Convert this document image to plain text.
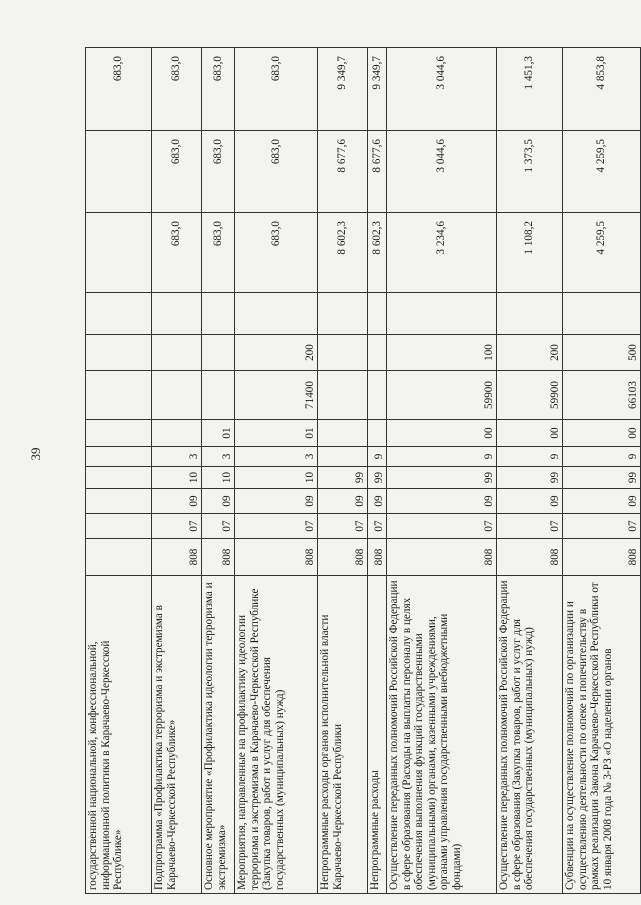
39
государственной национальной, конфессиональной, информационной политики в Карачаево-Черкесской Республике»												683,0
Подпрограмма «Профилактика терроризма и экстремизма в Карачаево-Черкесской Республике»	808	07	09	10	3					683,0	683,0	683,0
Основное мероприятие «Профилактика идеологии терроризма и экстремизма»	808	07	09	10	3	01				683,0	683,0	683,0
Мероприятия, направленные на профилактику идеологии терроризма и экстремизма в Карачаево-Черкесской Республике (Закупка товаров, работ и услуг для обеспечения государственных (муниципальных) нужд)	808	07	09	10	3	01	71400	200		683,0	683,0	683,0
Непрограммные расходы органов исполнительной власти Карачаево-Черкесской Республики	808	07	09	99						8 602,3	8 677,6	9 349,7
Непрограммные расходы	808	07	09	99	9					8 602,3	8 677,6	9 349,7
Осуществление переданных полномочий Российской Федерации в сфере образования (Расходы на выплаты персоналу в целях обеспечения выполнения функций государственными (муниципальными) органами, казенными учреждениями, органами управления государственными внебюджетными фондами)	808	07	09	99	9	00	59900	100		3 234,6	3 044,6	3 044,6
Осуществление переданных полномочий Российской Федерации в сфере образования (Закупка товаров, работ и услуг для обеспечения государственных (муниципальных) нужд)	808	07	09	99	9	00	59900	200		1 108,2	1 373,5	1 451,3
Субвенции на осуществление полномочий по организации и осуществлению деятельности по опеке и попечительству в рамках реализации Закона Карачаево-Черкесской Республики от 10 января 2008 года № 3-РЗ «О наделении органов	808	07	09	99	9	00	66103	500		4 259,5	4 259,5	4 853,8
